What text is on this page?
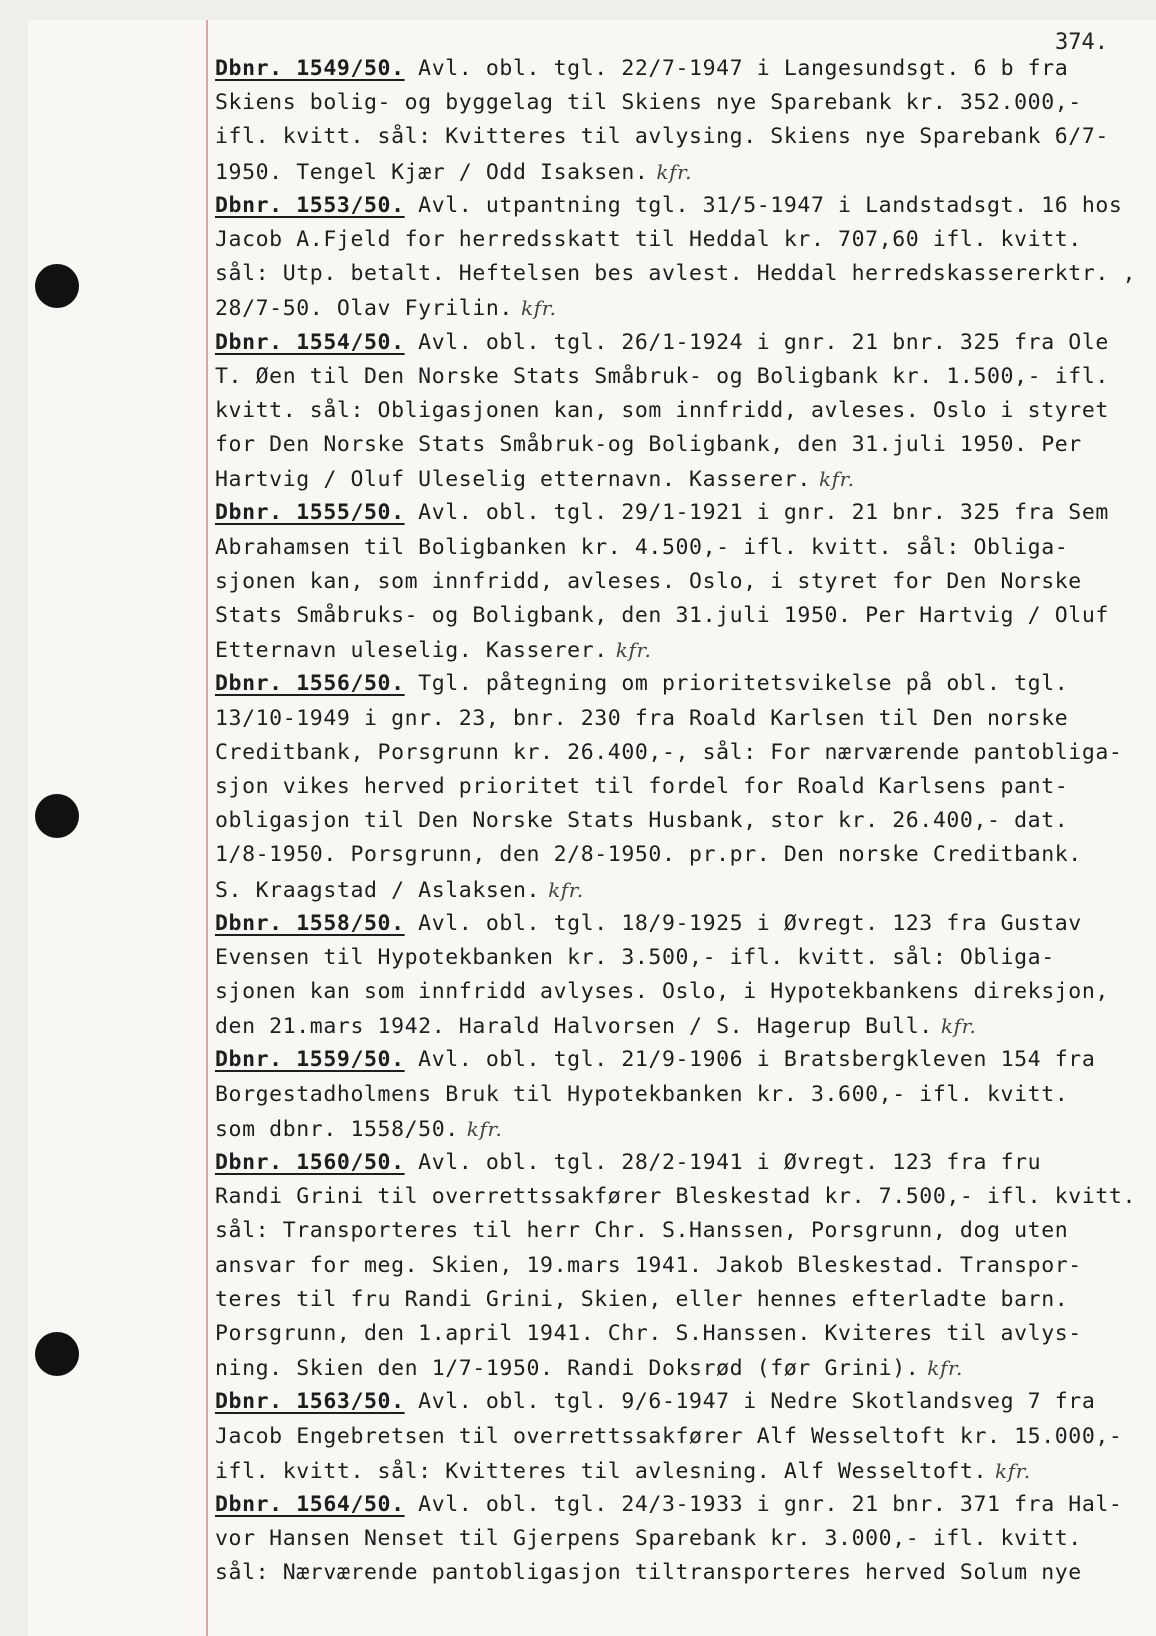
374.
Dbnr. 1549/50. Avl. obl. tgl. 22/7-1947 i Langesundsgt. 6 b fra
Skiens bolig- og byggelag til Skiens nye Sparebank kr. 352.000,-
ifl. kvitt. sål: Kvitteres til avlysing. Skiens nye Sparebank 6/7-
1950. Tengel Kjær / Odd Isaksen. kfr.
Dbnr. 1553/50. Avl. utpantning tgl. 31/5-1947 i Landstadsgt. 16 hos
Jacob A.Fjeld for herredsskatt til Heddal kr. 707,60 ifl. kvitt.
sål: Utp. betalt. Heftelsen bes avlest. Heddal herredskassererktr. ,
28/7-50. Olav Fyrilin. kfr.
Dbnr. 1554/50. Avl. obl. tgl. 26/1-1924 i gnr. 21 bnr. 325 fra Ole
T. Øen til Den Norske Stats Småbruk- og Boligbank kr. 1.500,- ifl.
kvitt. sål: Obligasjonen kan, som innfridd, avleses. Oslo i styret
for Den Norske Stats Småbruk-og Boligbank, den 31.juli 1950. Per
Hartvig / Oluf Uleselig etternavn. Kasserer. kfr.
Dbnr. 1555/50. Avl. obl. tgl. 29/1-1921 i gnr. 21 bnr. 325 fra Sem
Abrahamsen til Boligbanken kr. 4.500,- ifl. kvitt. sål: Obliga-
sjonen kan, som innfridd, avleses. Oslo, i styret for Den Norske
Stats Småbruks- og Boligbank, den 31.juli 1950. Per Hartvig / Oluf
Etternavn uleselig. Kasserer. kfr.
Dbnr. 1556/50. Tgl. påtegning om prioritetsvikelse på obl. tgl.
13/10-1949 i gnr. 23, bnr. 230 fra Roald Karlsen til Den norske
Creditbank, Porsgrunn kr. 26.400,-, sål: For nærværende pantobliga-
sjon vikes herved prioritet til fordel for Roald Karlsens pant-
obligasjon til Den Norske Stats Husbank, stor kr. 26.400,- dat.
1/8-1950. Porsgrunn, den 2/8-1950. pr.pr. Den norske Creditbank.
S. Kraagstad / Aslaksen. kfr.
Dbnr. 1558/50. Avl. obl. tgl. 18/9-1925 i Øvregt. 123 fra Gustav
Evensen til Hypotekbanken kr. 3.500,- ifl. kvitt. sål: Obliga-
sjonen kan som innfridd avlyses. Oslo, i Hypotekbankens direksjon,
den 21.mars 1942. Harald Halvorsen / S. Hagerup Bull. kfr.
Dbnr. 1559/50. Avl. obl. tgl. 21/9-1906 i Bratsbergkleven 154 fra
Borgestadholmens Bruk til Hypotekbanken kr. 3.600,- ifl. kvitt.
som dbnr. 1558/50. kfr.
Dbnr. 1560/50. Avl. obl. tgl. 28/2-1941 i Øvregt. 123 fra fru
Randi Grini til overrettssakfører Bleskestad kr. 7.500,- ifl. kvitt.
sål: Transporteres til herr Chr. S.Hanssen, Porsgrunn, dog uten
ansvar for meg. Skien, 19.mars 1941. Jakob Bleskestad. Transpor-
teres til fru Randi Grini, Skien, eller hennes efterladte barn.
Porsgrunn, den 1.april 1941. Chr. S.Hanssen. Kviteres til avlys-
ning. Skien den 1/7-1950. Randi Doksrød (før Grini). kfr.
Dbnr. 1563/50. Avl. obl. tgl. 9/6-1947 i Nedre Skotlandsveg 7 fra
Jacob Engebretsen til overrettssakfører Alf Wesseltoft kr. 15.000,-
ifl. kvitt. sål: Kvitteres til avlesning. Alf Wesseltoft. kfr.
Dbnr. 1564/50. Avl. obl. tgl. 24/3-1933 i gnr. 21 bnr. 371 fra Hal-
vor Hansen Nenset til Gjerpens Sparebank kr. 3.000,- ifl. kvitt.
sål: Nærværende pantobligasjon tiltransporteres herved Solum nye
